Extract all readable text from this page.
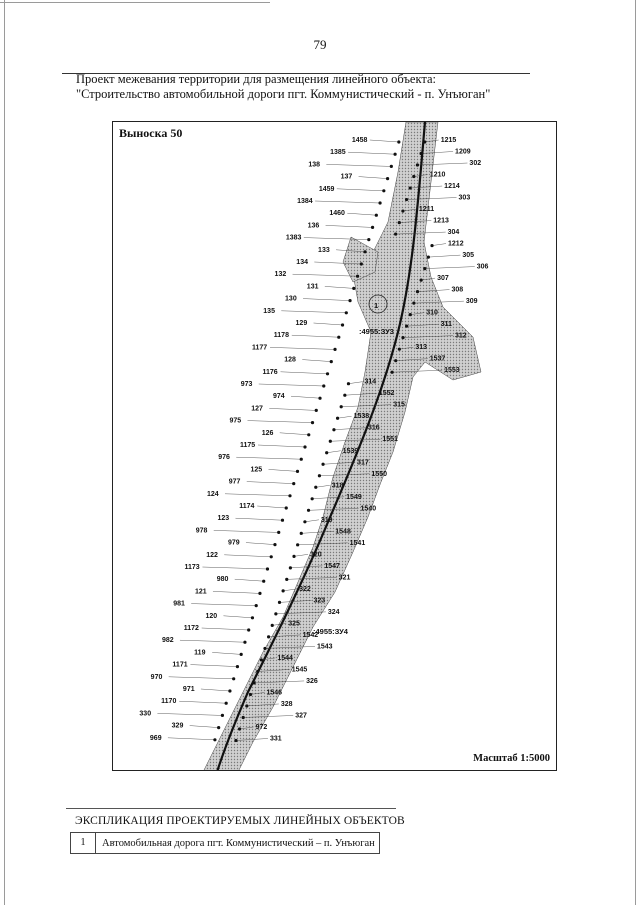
79
Проект межевания территории для размещения линейного объекта:
"Строительство автомобильной дороги пгт. Коммунистический - п. Унъюган"
1
:4955:ЗУ3
:4955:ЗУ4
1458
1385
138
137
1459
1384
1460
136
1383
133
134
132
131
130
135
129
1178
1177
128
1176
973
974
127
975
126
1175
976
125
977
124
1174
123
978
979
122
1173
980
121
981
120
1172
982
119
1171
970
971
1170
330
329
969
1215
1209
302
1210
1214
303
1211
1213
304
1212
305
306
307
308
309
310
311
312
313
1537
1553
314
1552
315
1538
316
1551
1539
317
1550
318
1549
1540
319
1548
1541
320
1547
321
322
323
324
325
1542
1543
1544
1545
326
1546
328
327
972
331
Выноска 50
Масштаб 1:5000
ЭКСПЛИКАЦИЯ ПРОЕКТИРУЕМЫХ ЛИНЕЙНЫХ ОБЪЕКТОВ
1	Автомобильная дорога пгт. Коммунистический – п. Унъюган
